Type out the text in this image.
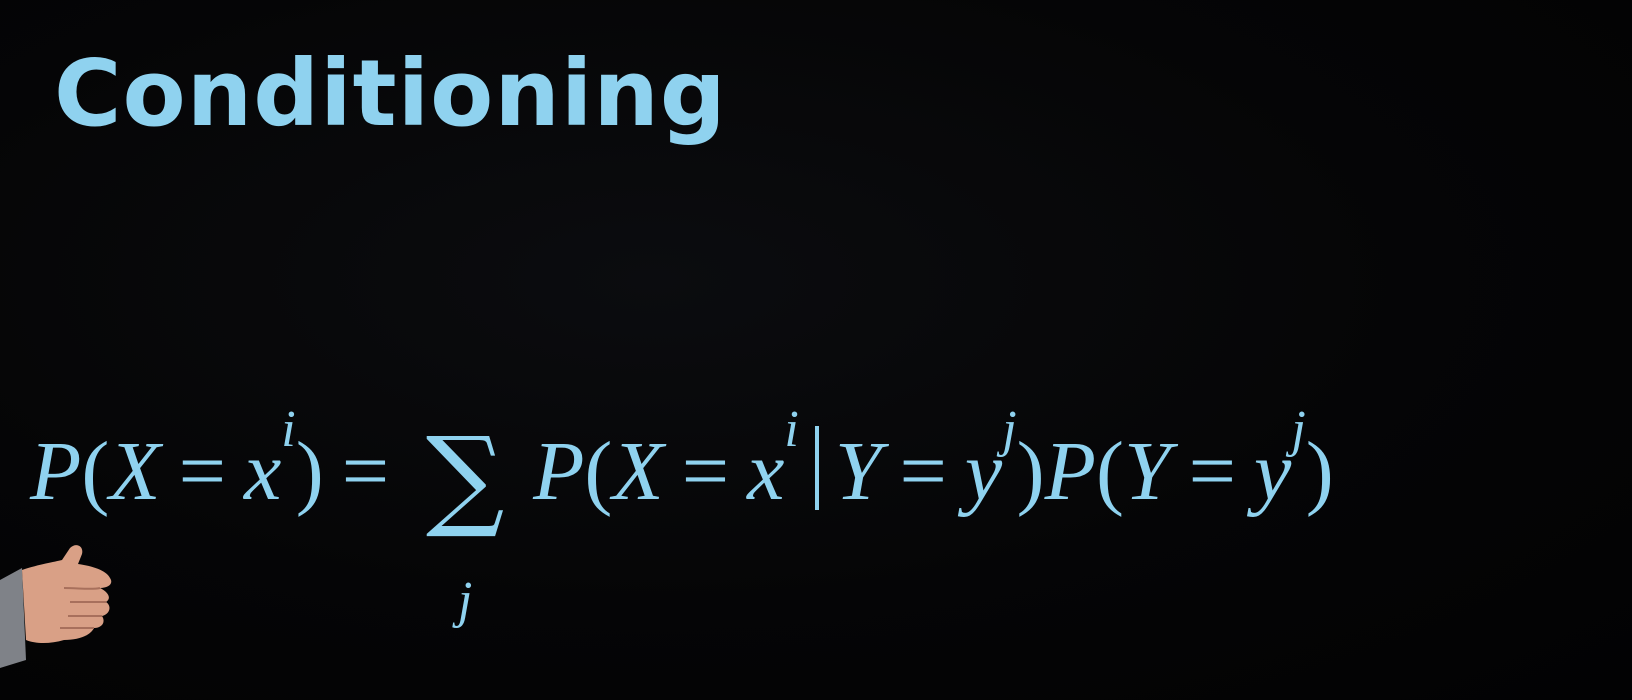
Conditioning
P ( X = x i ) = ∑
j
P ( X = x i Y = y j ) P ( Y = y j )
